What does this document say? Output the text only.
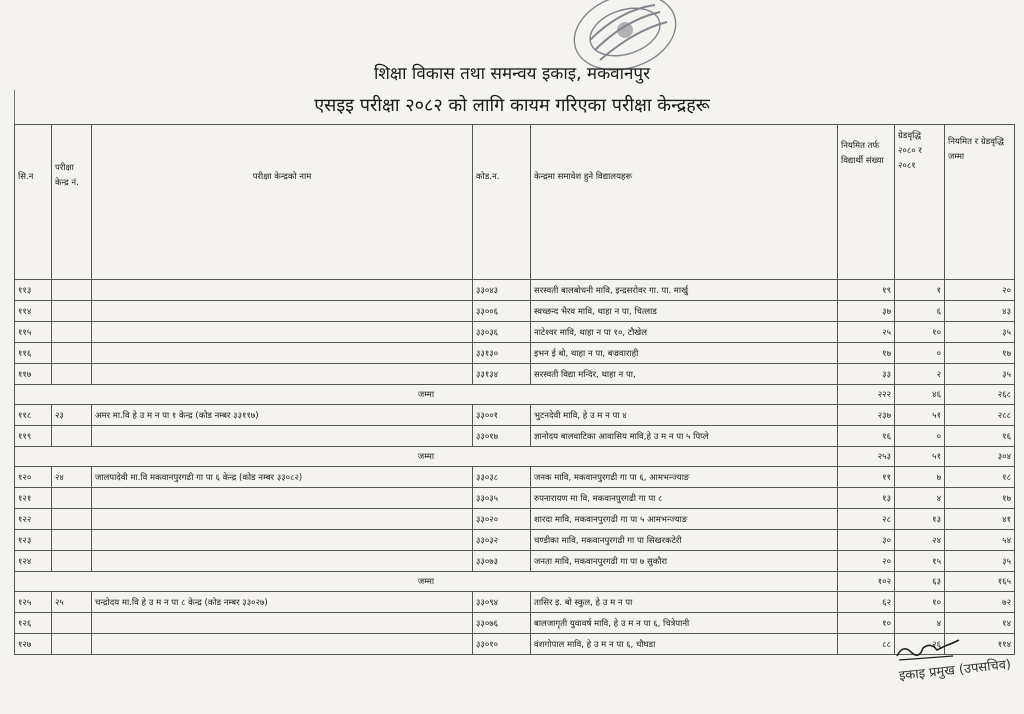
शिक्षा विकास तथा समन्वय इकाइ, मकवानपुर
एसइइ परीक्षा २०८२ को लागि कायम गरिएका परीक्षा केन्द्रहरू
सि.न	परीक्षा केन्द्र नं.	परीक्षा केन्द्रको नाम	कोड.न.	केन्द्रमा समावेश हुने विद्यालयहरू	नियमित तर्फ विद्यार्थी संख्या	ग्रेडवृद्धि २०८० र २०८१	नियमित र ग्रेडवृद्धि जम्मा
११३			३३०४३	सरस्वती बालबोधनी मावि, इन्द्रसरोवर गा. पा. मार्खु	१९	१	२०
११४			३३००६	स्वच्छन्द भैरव मावि, थाहा न पा, चित्लाड	३७	६	४३
११५			३३०३६	नाटेश्वर मावि, थाहा न पा १०, टौखेल	२५	१०	३५
११६			३३१३०	इभन ई बो, थाहा न पा, बज्रवाराही	१७	०	१७
११७			३३१३४	सरस्वती विद्या मन्दिर, थाहा न पा,	३३	२	३५
जम्मा					२२२	४६	२६८
११८	२३	अमर मा.वि हे उ म न पा १ केन्द्र (कोड नम्बर ३३११७)	३३००१	भुटनदेवी मावि, हे उ म न पा ४	२३७	५१	२८८
११९			३३०१७	ज्ञानोदय बालवाटिका आवासिय मावि,हे उ म न पा ५ पिप्ले	१६	०	१६
जम्मा					२५३	५१	३०४
१२०	२४	जालपादेवी मा.वि मकवानपुरगढी गा पा ६ केन्द्र (कोड नम्बर ३३०८२)	३३०३८	जनक मावि, मकवानपुरगढी गा पा ६, आमभन्ज्याङ	११	७	१८
१२१			३३०३५	रुपनारायण मा वि, मकवानपुरगढी गा पा ८	१३	४	१७
१२२			३३०२०	शारदा मावि, मकवानपुरगढी गा पा ५ आमभन्ज्याङ	२८	१३	४१
१२३			३३०३२	चण्डीका मावि, मकवानपुरगढी गा पा सिखरकटेरी	३०	२४	५४
१२४			३३०७३	जनता मावि, मकवानपुरगढी गा पा ७ सुकौरा	२०	१५	३५
जम्मा					१०२	६३	१६५
१२५	२५	चन्द्रोदय मा.वि हे उ म न पा ८ केन्द्र (कोड नम्बर ३३०२७)	३३०९४	तासिर इ. बो स्कुल, हे उ म न पा	६२	१०	७२
१२६			३३०७६	बालजागृती युवावर्ष मावि, हे उ म न पा ६, चित्रेपानी	१०	४	१४
१२७			३३०१०	वंशगोपाल मावि, हे उ म न पा ६, चौघडा	८८	२६	११४
इकाइ प्रमुख (उपसचिव)
